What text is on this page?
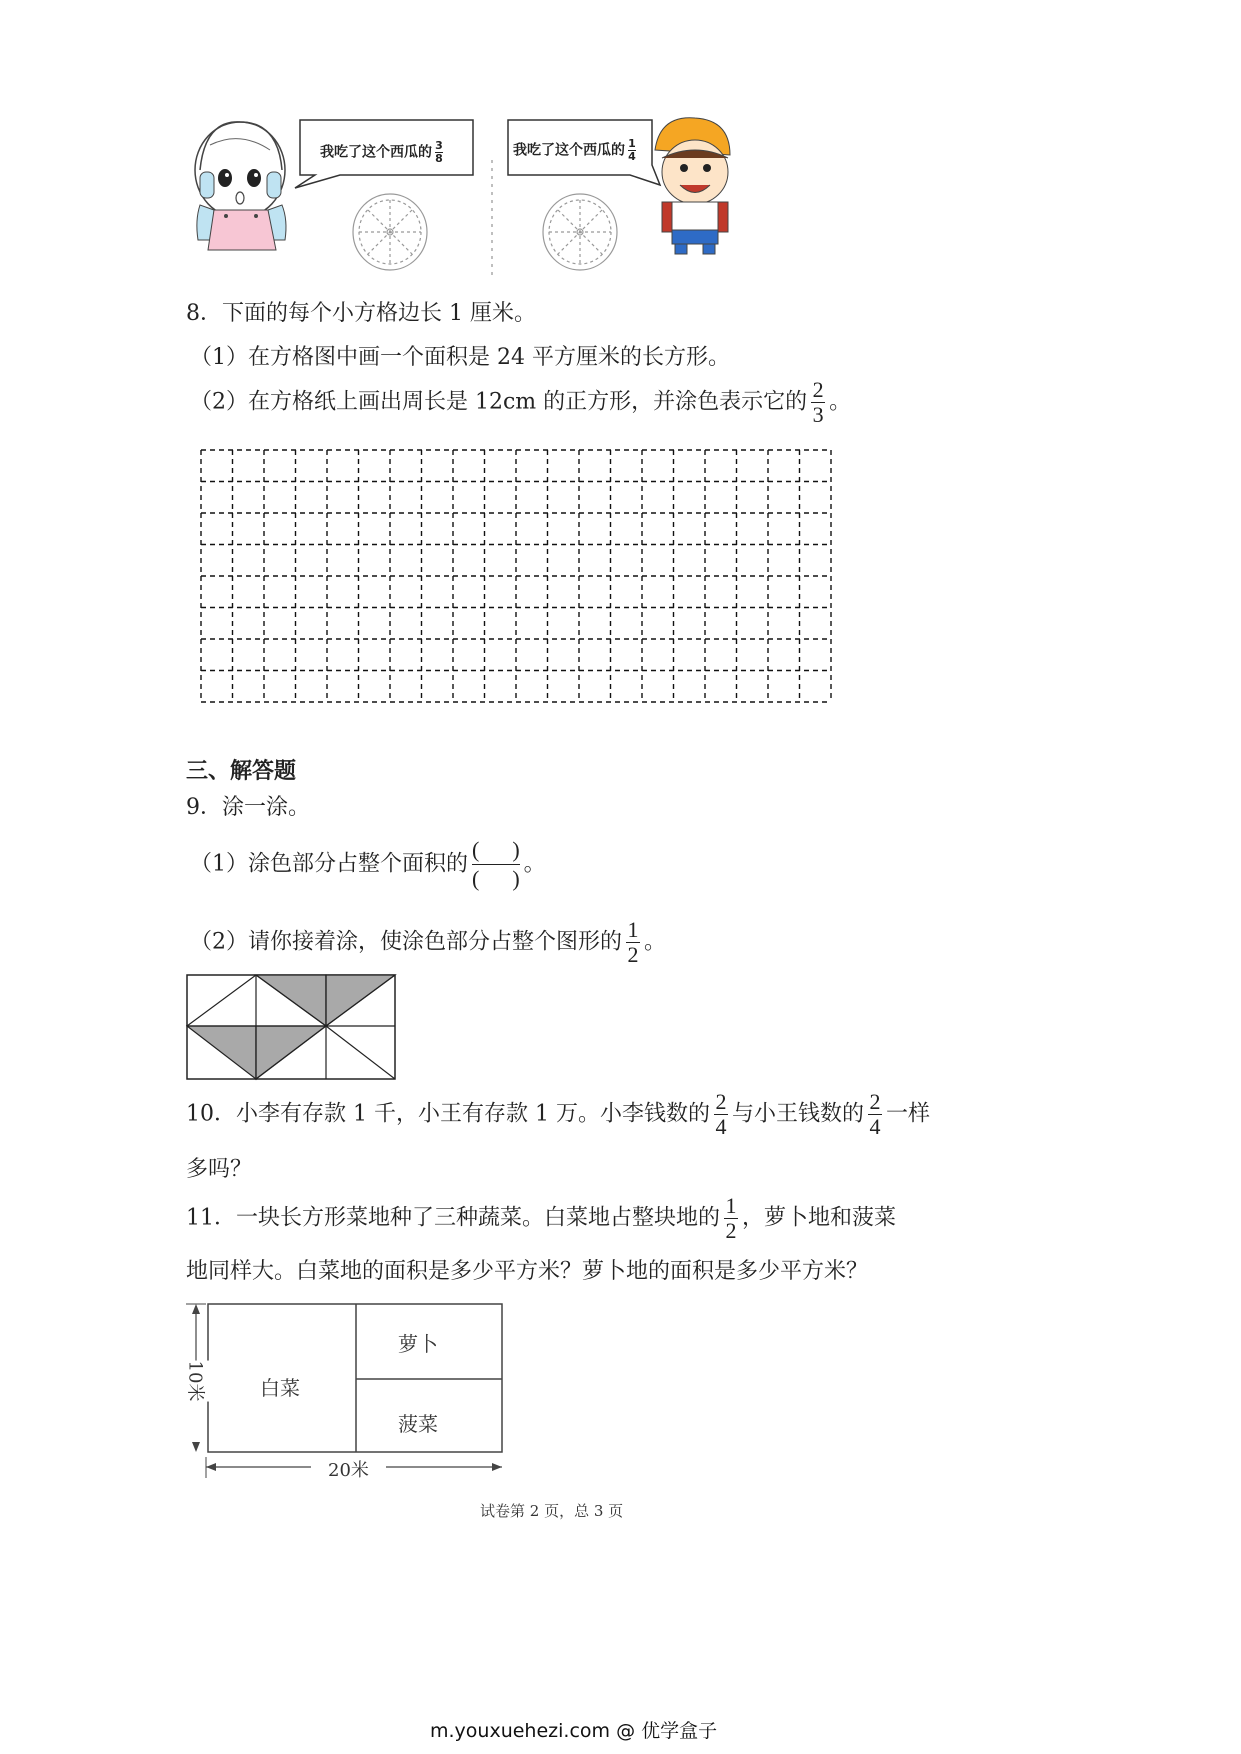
我吃了这个西瓜的 $\frac{3}{8}$	我吃了这个西瓜的 $\frac{1}{4}$
8．下面的每个小方格边长 1 厘米。
（1）在方格图中画一个面积是 24 平方厘米的长方形。
（2）在方格纸上画出周长是 12cm 的正方形，并涂色表示它的 $\frac{2}{3}$ 。
三、解答题
9．涂一涂。
（1）涂色部分占整个面积的 $\frac{( )}{( )}$ 。
（2）请你接着涂，使涂色部分占整个图形的 $\frac{1}{2}$ 。
10．小李有存款 1 千，小王有存款 1 万。小李钱数的 $\frac{2}{4}$ 与小王钱数的 $\frac{2}{4}$ 一样
多吗？
11．一块长方形菜地种了三种蔬菜。白菜地占整块地的 $\frac{1}{2}$ ，萝卜地和菠菜
地同样大。白菜地的面积是多少平方米？萝卜地的面积是多少平方米？
白菜
萝卜
菠菜
20米
10米
试卷第 2 页，总 3 页
m.youxuehezi.com @ 优学盒子
